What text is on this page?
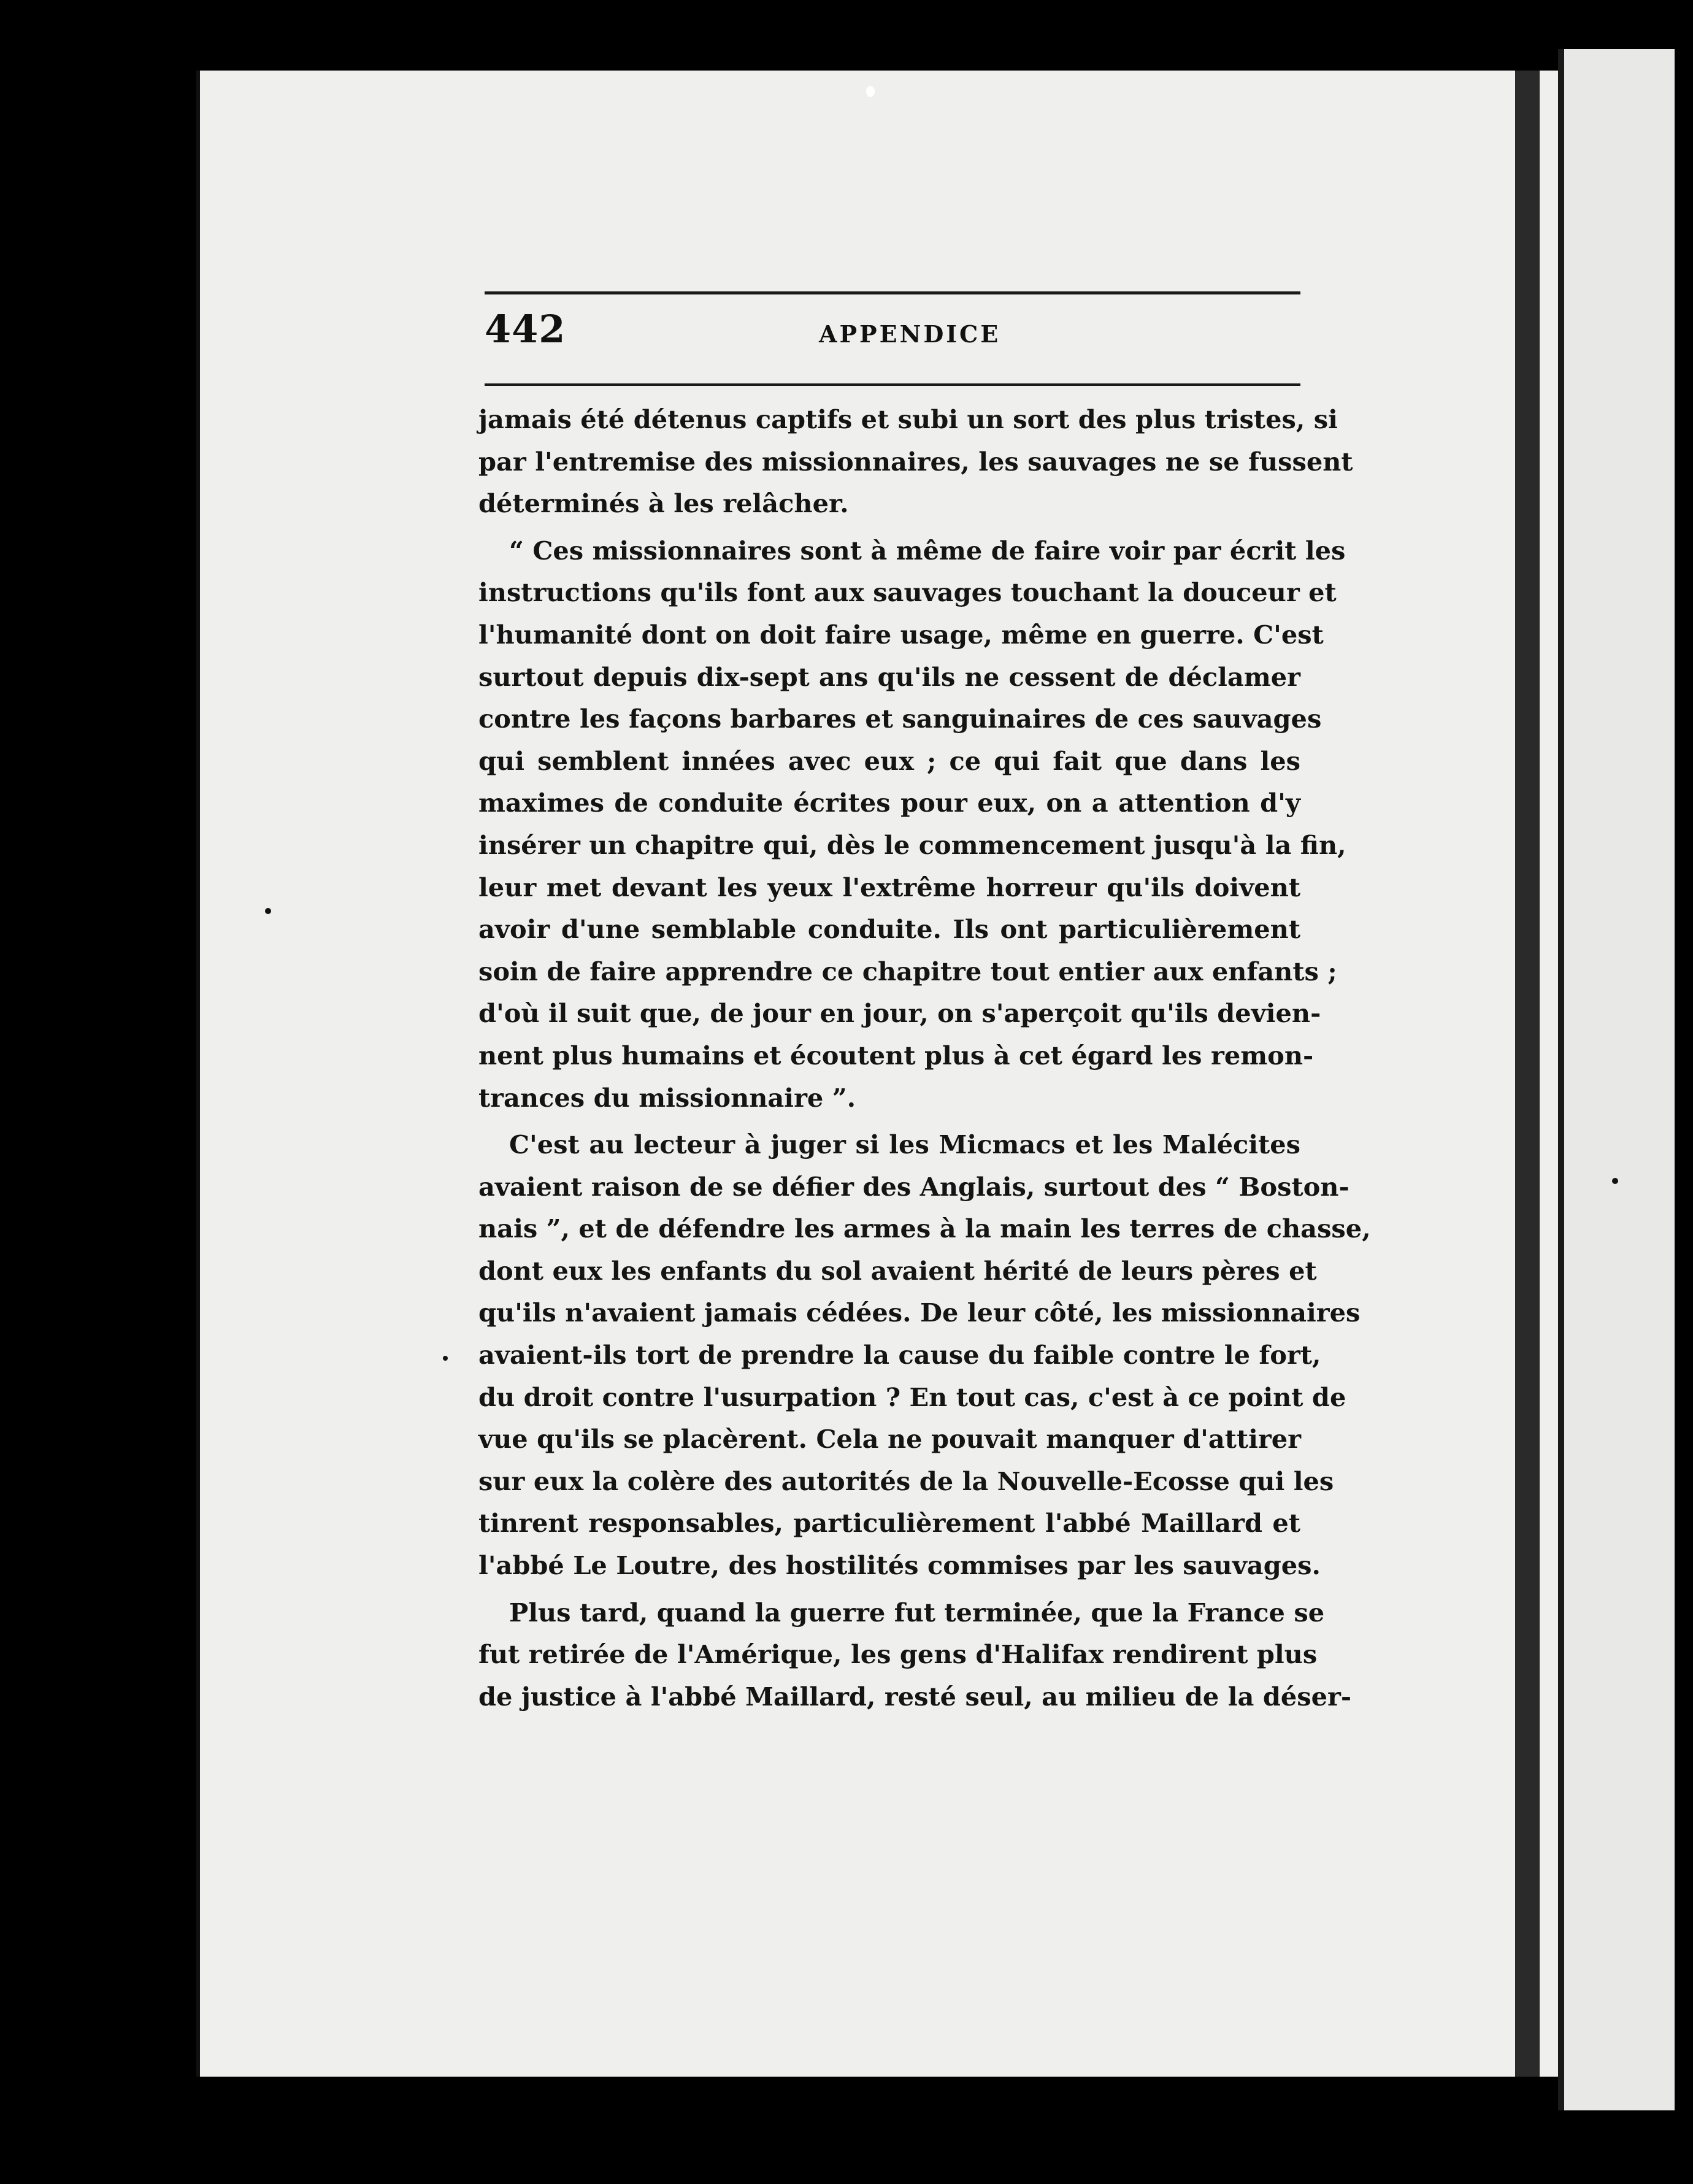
442	APPENDICE
jamais été détenus captifs et subi un sort des plus tristes, si
par l'entremise des missionnaires, les sauvages ne se fussent
déterminés à les relâcher.
“ Ces missionnaires sont à même de faire voir par écrit les
instructions qu'ils font aux sauvages touchant la douceur et
l'humanité dont on doit faire usage, même en guerre. C'est
surtout depuis dix-sept ans qu'ils ne cessent de déclamer
contre les façons barbares et sanguinaires de ces sauvages
qui semblent innées avec eux ; ce qui fait que dans les
maximes de conduite écrites pour eux, on a attention d'y
insérer un chapitre qui, dès le commencement jusqu'à la fin,
leur met devant les yeux l'extrême horreur qu'ils doivent
avoir d'une semblable conduite. Ils ont particulièrement
soin de faire apprendre ce chapitre tout entier aux enfants ;
d'où il suit que, de jour en jour, on s'aperçoit qu'ils devien-
nent plus humains et écoutent plus à cet égard les remon-
trances du missionnaire ”.
C'est au lecteur à juger si les Micmacs et les Malécites
avaient raison de se défier des Anglais, surtout des “ Boston-
nais ”, et de défendre les armes à la main les terres de chasse,
dont eux les enfants du sol avaient hérité de leurs pères et
qu'ils n'avaient jamais cédées. De leur côté, les missionnaires
avaient-ils tort de prendre la cause du faible contre le fort,
du droit contre l'usurpation ? En tout cas, c'est à ce point de
vue qu'ils se placèrent. Cela ne pouvait manquer d'attirer
sur eux la colère des autorités de la Nouvelle-Ecosse qui les
tinrent responsables, particulièrement l'abbé Maillard et
l'abbé Le Loutre, des hostilités commises par les sauvages.
Plus tard, quand la guerre fut terminée, que la France se
fut retirée de l'Amérique, les gens d'Halifax rendirent plus
de justice à l'abbé Maillard, resté seul, au milieu de la déser-
